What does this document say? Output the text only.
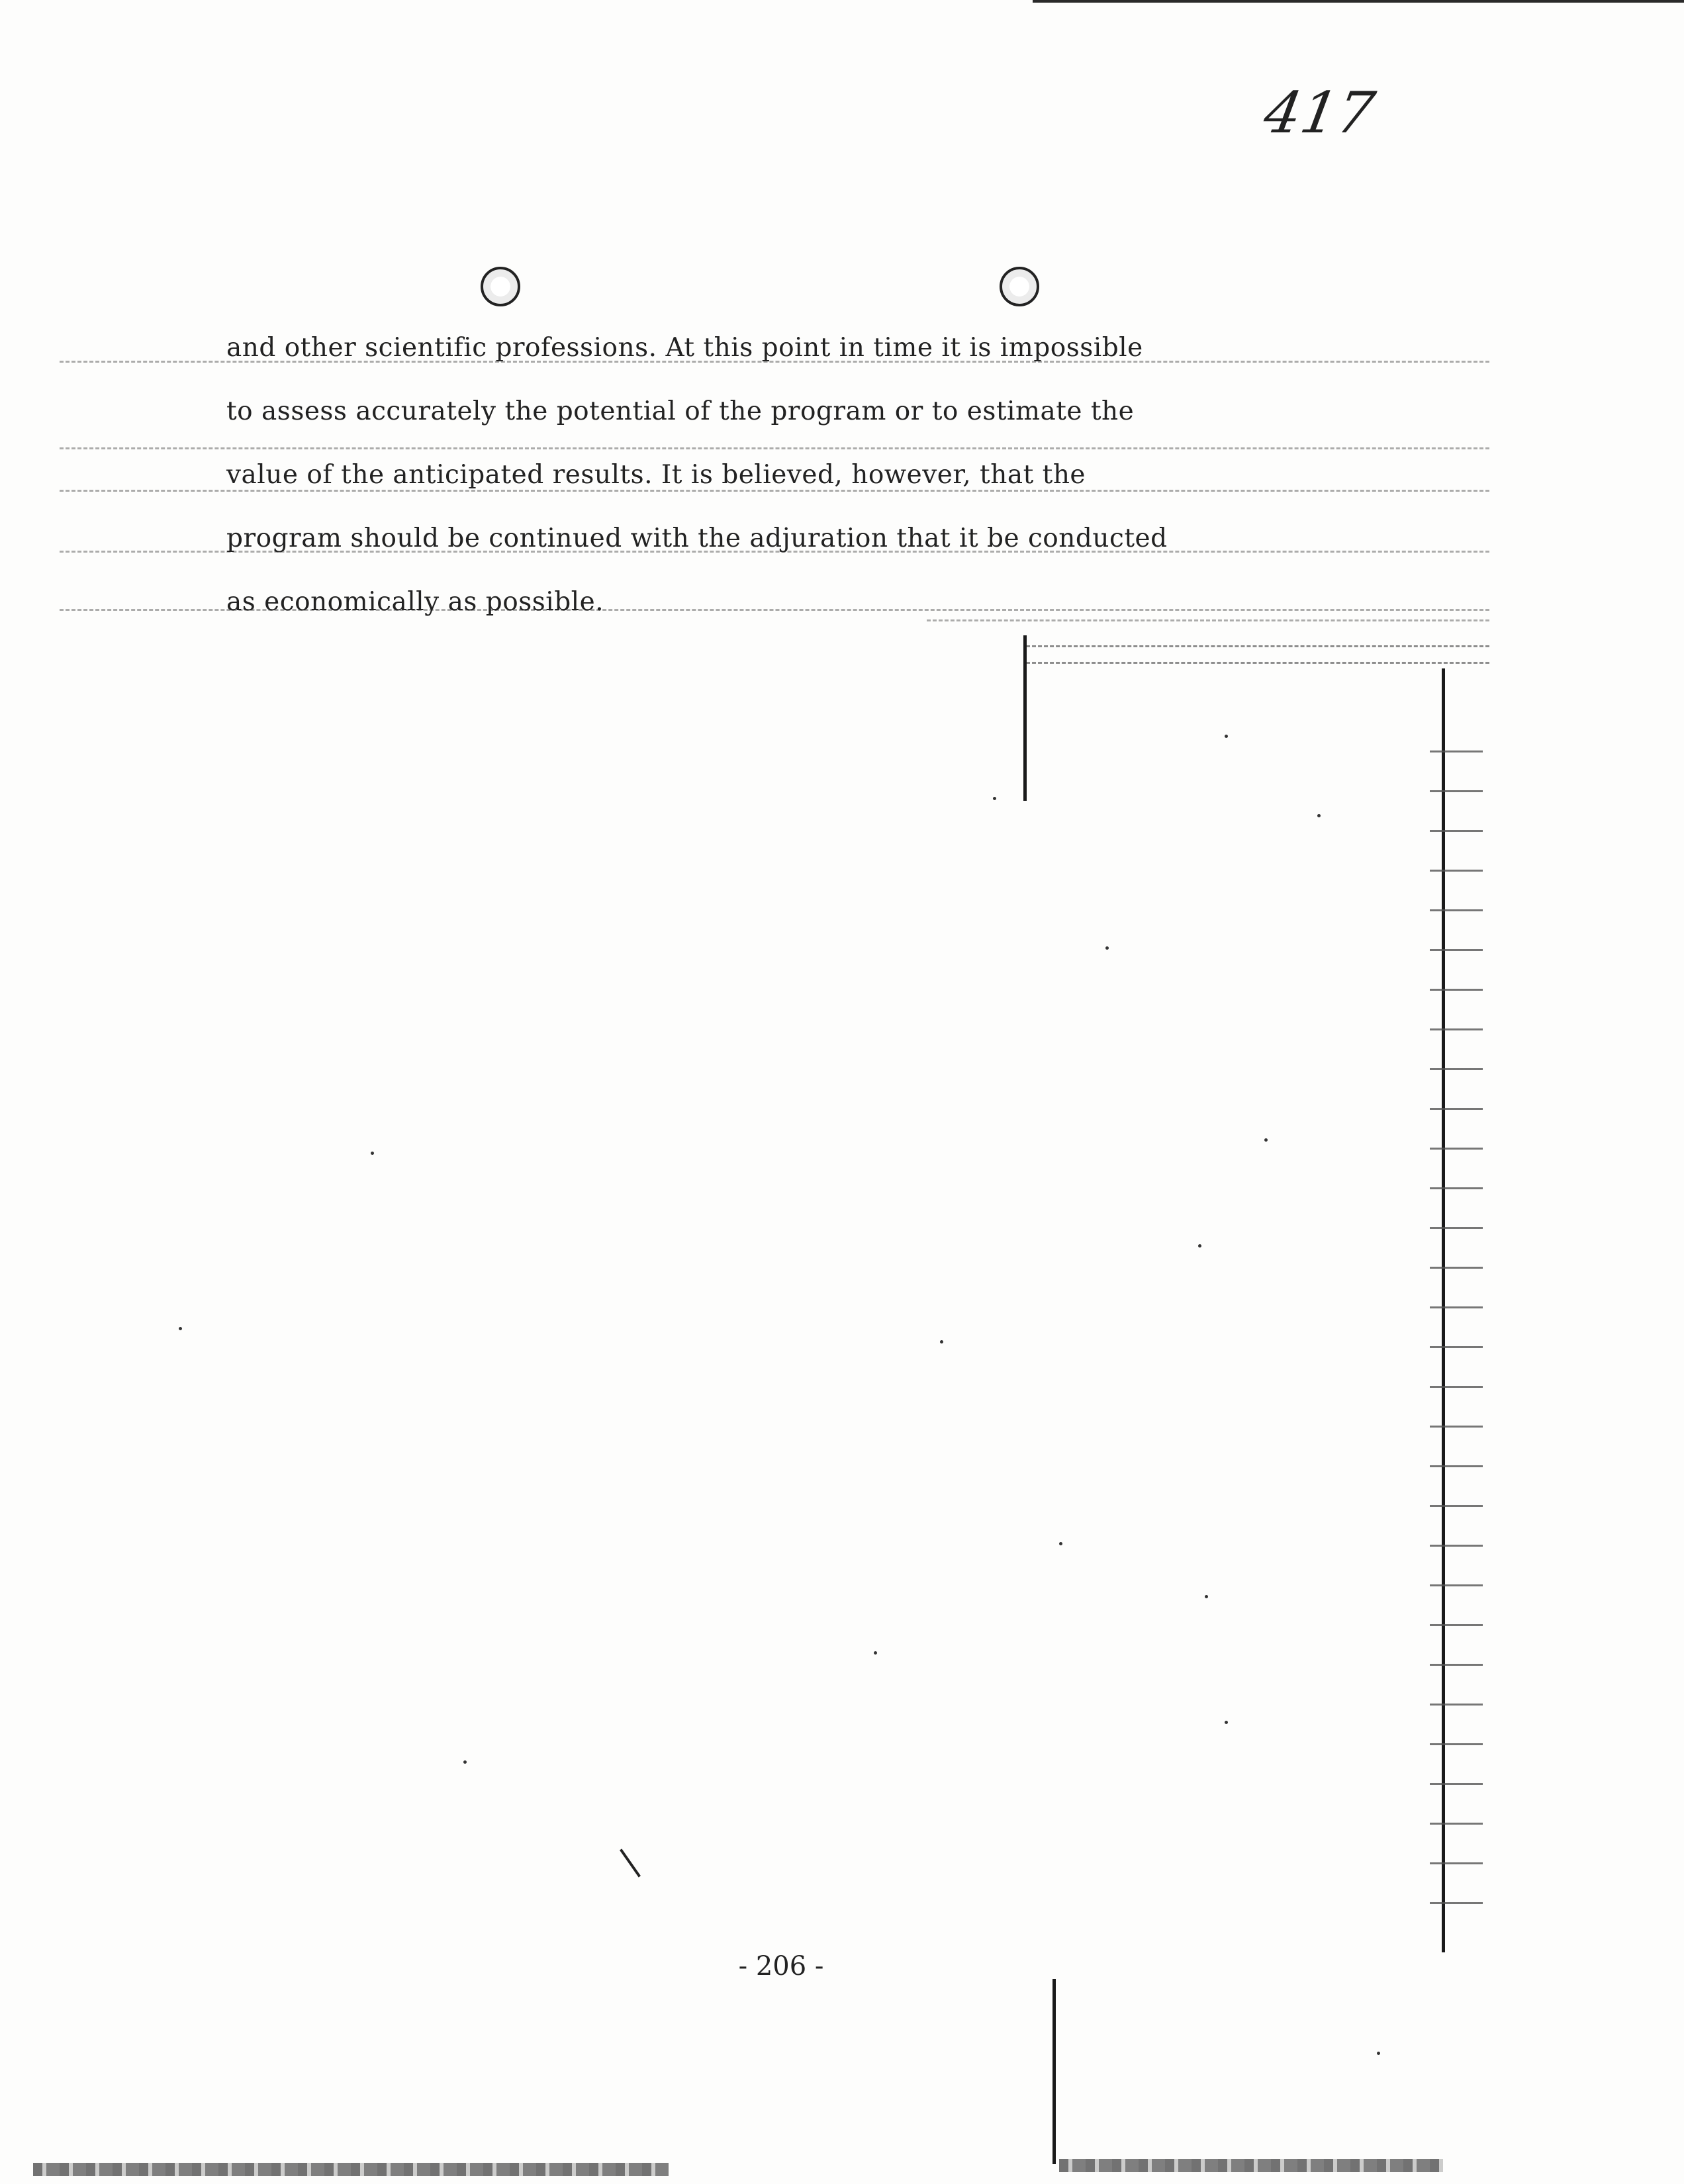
417
and other scientific professions. At this point in time it is impossible
to assess accurately the potential of the program or to estimate the
value of the anticipated results. It is believed, however, that the
program should be continued with the adjuration that it be conducted
as economically as possible.
- 206 -
